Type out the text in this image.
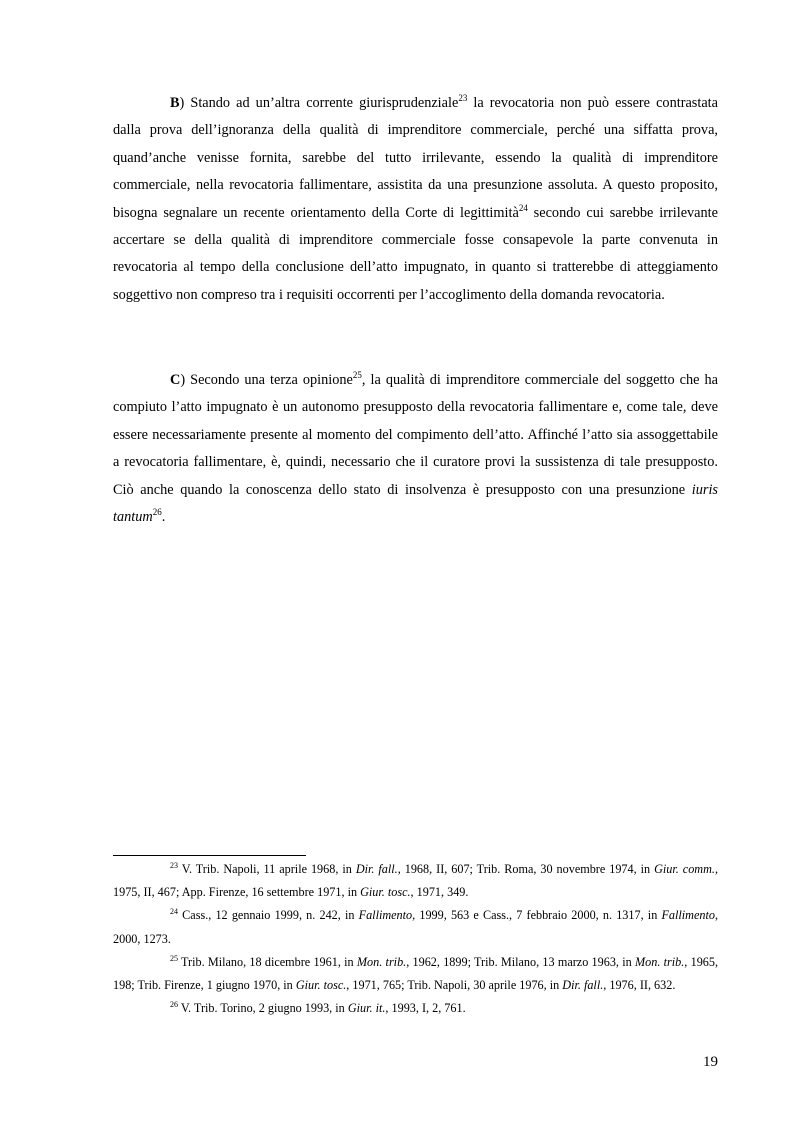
B) Stando ad un’altra corrente giurisprudenziale$^{23}$ la revocatoria non può essere contrastata dalla prova dell’ignoranza della qualità di imprenditore commerciale, perché una siffatta prova, quand’anche venisse fornita, sarebbe del tutto irrilevante, essendo la qualità di imprenditore commerciale, nella revocatoria fallimentare, assistita da una presunzione assoluta. A questo proposito, bisogna segnalare un recente orientamento della Corte di legittimità$^{24}$ secondo cui sarebbe irrilevante accertare se della qualità di imprenditore commerciale fosse consapevole la parte convenuta in revocatoria al tempo della conclusione dell’atto impugnato, in quanto si tratterebbe di atteggiamento soggettivo non compreso tra i requisiti occorrenti per l’accoglimento della domanda revocatoria.

C) Secondo una terza opinione$^{25}$, la qualità di imprenditore commerciale del soggetto che ha compiuto l’atto impugnato è un autonomo presupposto della revocatoria fallimentare e, come tale, deve essere necessariamente presente al momento del compimento dell’atto. Affinché l’atto sia assoggettabile a revocatoria fallimentare, è, quindi, necessario che il curatore provi la sussistenza di tale presupposto. Ciò anche quando la conoscenza dello stato di insolvenza è presupposto con una presunzione iuris tantum$^{26}$.

$^{23}$ V. Trib. Napoli, 11 aprile 1968, in Dir. fall., 1968, II, 607; Trib. Roma, 30 novembre 1974, in Giur. comm., 1975, II, 467; App. Firenze, 16 settembre 1971, in Giur. tosc., 1971, 349.

$^{24}$ Cass., 12 gennaio 1999, n. 242, in Fallimento, 1999, 563 e Cass., 7 febbraio 2000, n. 1317, in Fallimento, 2000, 1273.

$^{25}$ Trib. Milano, 18 dicembre 1961, in Mon. trib., 1962, 1899; Trib. Milano, 13 marzo 1963, in Mon. trib., 1965, 198; Trib. Firenze, 1 giugno 1970, in Giur. tosc., 1971, 765; Trib. Napoli, 30 aprile 1976, in Dir. fall., 1976, II, 632.

$^{26}$ V. Trib. Torino, 2 giugno 1993, in Giur. it., 1993, I, 2, 761.

19
